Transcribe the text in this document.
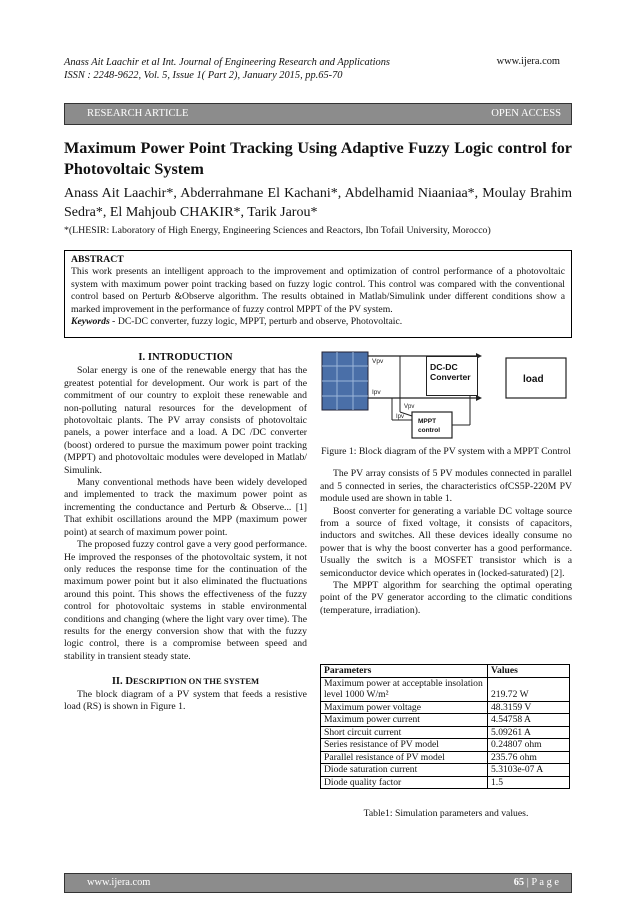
Anass Ait Laachir et al Int. Journal of Engineering Research and Applications
ISSN : 2248-9622, Vol. 5, Issue 1( Part 2), January 2015, pp.65-70
www.ijera.com
RESEARCH ARTICLE	OPEN ACCESS
Maximum Power Point Tracking Using Adaptive Fuzzy Logic control for Photovoltaic System
Anass Ait Laachir*, Abderrahmane El Kachani*, Abdelhamid Niaaniaa*, Moulay Brahim Sedra*, El Mahjoub CHAKIR*, Tarik Jarou*
*(LHESIR: Laboratory of High Energy, Engineering Sciences and Reactors, Ibn Tofail University, Morocco)
ABSTRACT
This work presents an intelligent approach to the improvement and optimization of control performance of a photovoltaic system with maximum power point tracking based on fuzzy logic control. This control was compared with the conventional control based on Perturb &Observe algorithm. The results obtained in Matlab/Simulink under different conditions show a marked improvement in the performance of fuzzy control MPPT of the PV system.
Keywords - DC-DC converter, fuzzy logic, MPPT, perturb and observe, Photovoltaic.
I. INTRODUCTION

Solar energy is one of the renewable energy that has the greatest potential for development. Our work is part of the commitment of our country to exploit these renewable and non-polluting natural resources for the development of photovoltaic plants. The PV array consists of photovoltaic panels, a power interface and a load. A DC /DC converter (boost) ordered to pursue the maximum power point tracking (MPPT) and photovoltaic modules were developed in Matlab/ Simulink.

Many conventional methods have been widely developed and implemented to track the maximum power point as incrementing the conductance and Perturb & Observe... [1] That exhibit oscillations around the MPP (maximum power point) at search of maximum power point.

The proposed fuzzy control gave a very good performance. He improved the responses of the photovoltaic system, it not only reduces the response time for the continuation of the maximum power point but it also eliminated the fluctuations around this point. This shows the effectiveness of the fuzzy control for photovoltaic systems in stable environmental conditions and changing (where the light vary over time). The results for the energy conversion show that with the fuzzy logic control, there is a compromise between speed and stability in transient steady state.

II. DESCRIPTION ON THE SYSTEM

The block diagram of a PV system that feeds a resistive load (RS) is shown in Figure 1.

Vpv
Ipv
load
MPPT
control
Vpv
Ipv
DC-DC Converter
Figure 1: Block diagram of the PV system with a MPPT Control

The PV array consists of 5 PV modules connected in parallel and 5 connected in series, the characteristics ofCS5P-220M PV module used are shown in table 1.

Boost converter for generating a variable DC voltage source from a source of fixed voltage, it consists of capacitors, inductors and switches. All these devices ideally consume no power that is why the boost converter has a good performance. Usually the switch is a MOSFET transistor which is a semiconductor device which operates in (locked-saturated) [2].

The MPPT algorithm for searching the optimal operating point of the PV generator according to the climatic conditions (temperature, irradiation).

Parameters	Values
Maximum power at acceptable insolation level 1000 W/m²	219.72 W
Maximum power voltage	48.3159 V
Maximum power current	4.54758 A
Short circuit current	5.09261 A
Series resistance of PV model	0.24807 ohm
Parallel resistance of PV model	235.76 ohm
Diode saturation current	5.3103e-07 A
Diode quality factor	1.5
Table1: Simulation parameters and values.
www.ijera.com	65 | P a g e
